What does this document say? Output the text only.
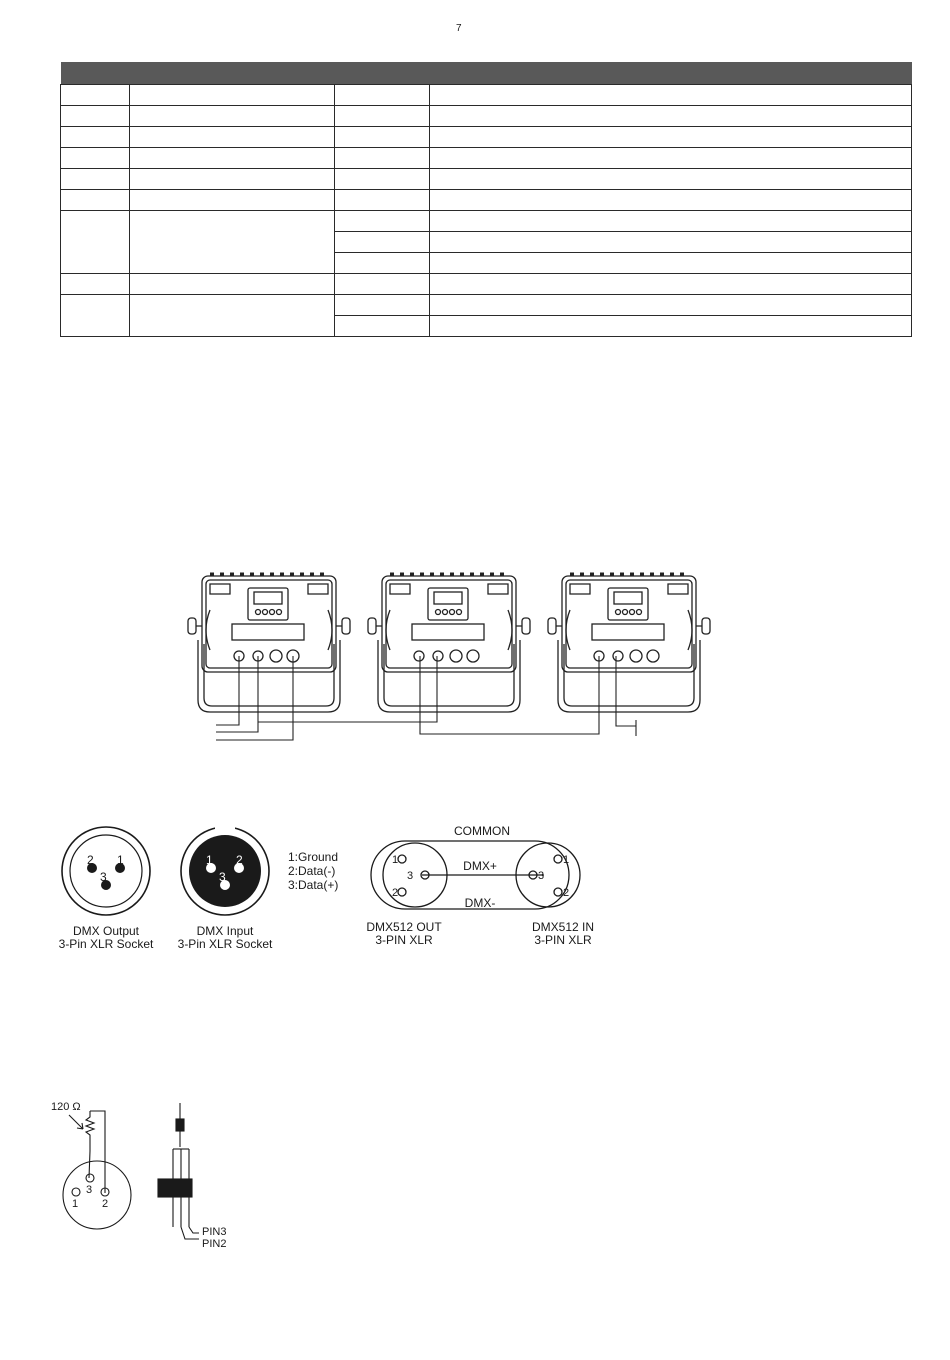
7

2 1
3
DMX Output
3-Pin XLR Socket
1 2
3
DMX Input
3-Pin XLR Socket
1:Ground
2:Data(-)
3:Data(+)
COMMON
DMX+
DMX-
1
3
2
1
3
2
DMX512 OUT
3-PIN XLR
DMX512 IN
3-PIN XLR
120 Ω
3
1 2
PIN3
PIN2
